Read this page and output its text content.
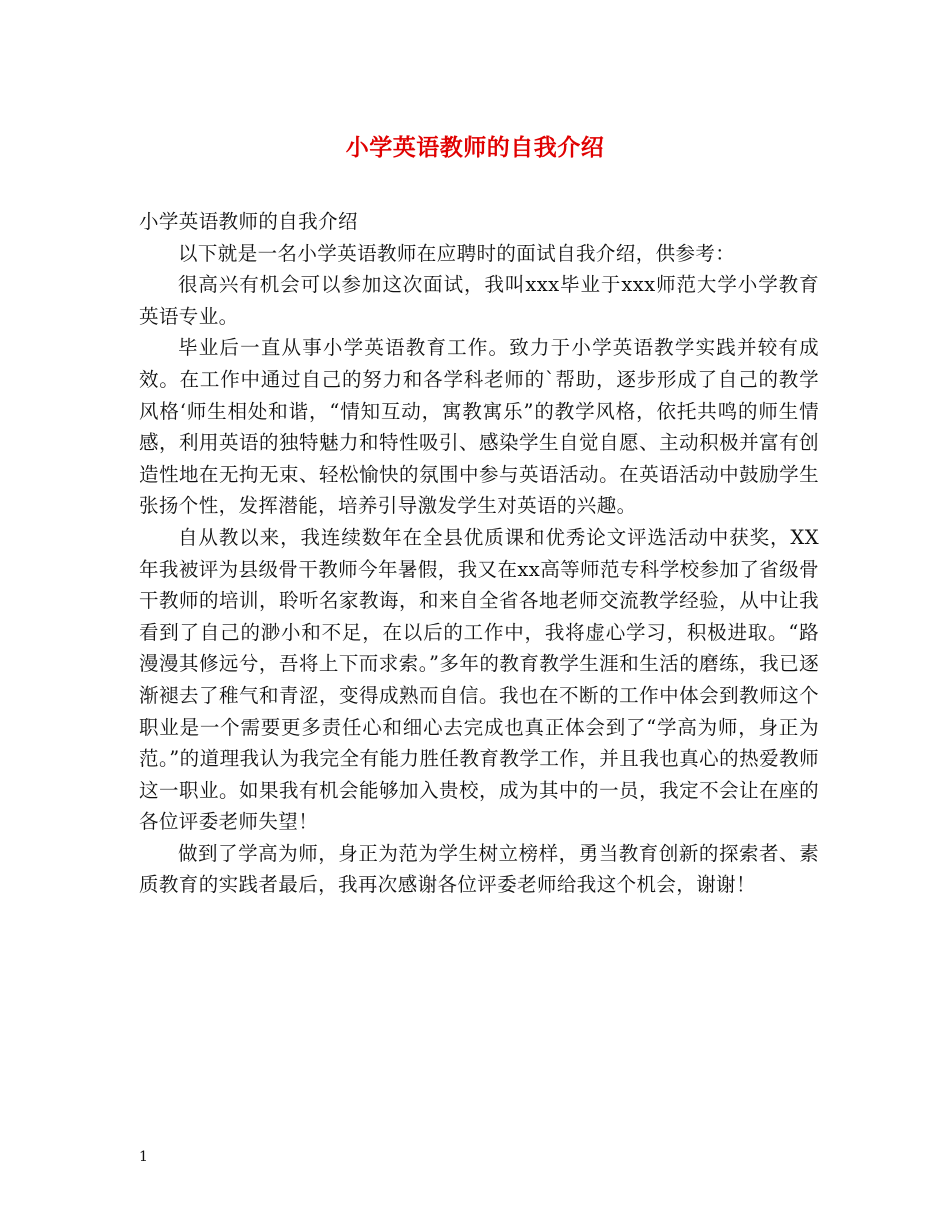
小学英语教师的自我介绍

小学英语教师的自我介绍

以下就是一名小学英语教师在应聘时的面试自我介绍，供参考：

很高兴有机会可以参加这次面试，我叫xxx毕业于xxx师范大学小学教育英语专业。

毕业后一直从事小学英语教育工作。致力于小学英语教学实践并较有成效。在工作中通过自己的努力和各学科老师的`帮助，逐步形成了自己的教学风格‘师生相处和谐，“情知互动，寓教寓乐”的教学风格，依托共鸣的师生情感，利用英语的独特魅力和特性吸引、感染学生自觉自愿、主动积极并富有创造性地在无拘无束、轻松愉快的氛围中参与英语活动。在英语活动中鼓励学生张扬个性，发挥潜能，培养引导激发学生对英语的兴趣。

自从教以来，我连续数年在全县优质课和优秀论文评选活动中获奖，XX年我被评为县级骨干教师今年暑假，我又在xx高等师范专科学校参加了省级骨干教师的培训，聆听名家教诲，和来自全省各地老师交流教学经验，从中让我看到了自己的渺小和不足，在以后的工作中，我将虚心学习，积极进取。“路漫漫其修远兮，吾将上下而求索。”多年的教育教学生涯和生活的磨练，我已逐渐褪去了稚气和青涩，变得成熟而自信。我也在不断的工作中体会到教师这个职业是一个需要更多责任心和细心去完成也真正体会到了“学高为师，身正为范。”的道理我认为我完全有能力胜任教育教学工作，并且我也真心的热爱教师这一职业。如果我有机会能够加入贵校，成为其中的一员，我定不会让在座的各位评委老师失望！

做到了学高为师，身正为范为学生树立榜样，勇当教育创新的探索者、素质教育的实践者最后，我再次感谢各位评委老师给我这个机会，谢谢！

1
